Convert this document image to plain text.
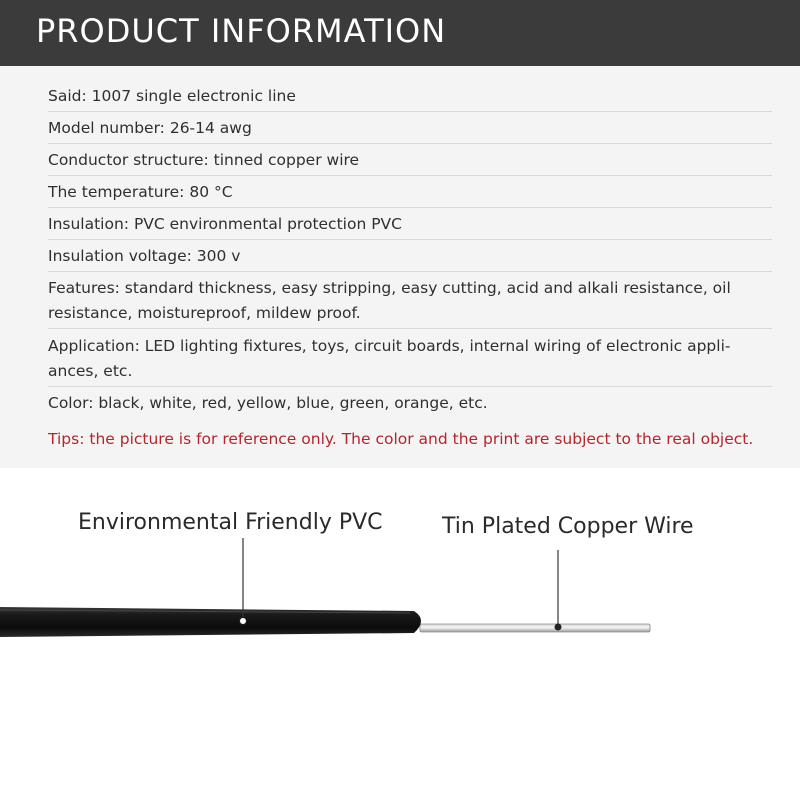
PRODUCT INFORMATION
Said: 1007 single electronic line
Model number: 26-14 awg
Conductor structure: tinned copper wire
The temperature: 80 °C
Insulation: PVC environmental protection PVC
Insulation voltage: 300 v
Features: standard thickness, easy stripping, easy cutting, acid and alkali resistance, oil resistance, moistureproof, mildew proof.
Application: LED lighting fixtures, toys, circuit boards, internal wiring of electronic appli-ances, etc.
Color: black, white, red, yellow, blue, green, orange, etc.
Tips: the picture is for reference only. The color and the print are subject to the real object.
Environmental Friendly PVC	Tin Plated Copper Wire
